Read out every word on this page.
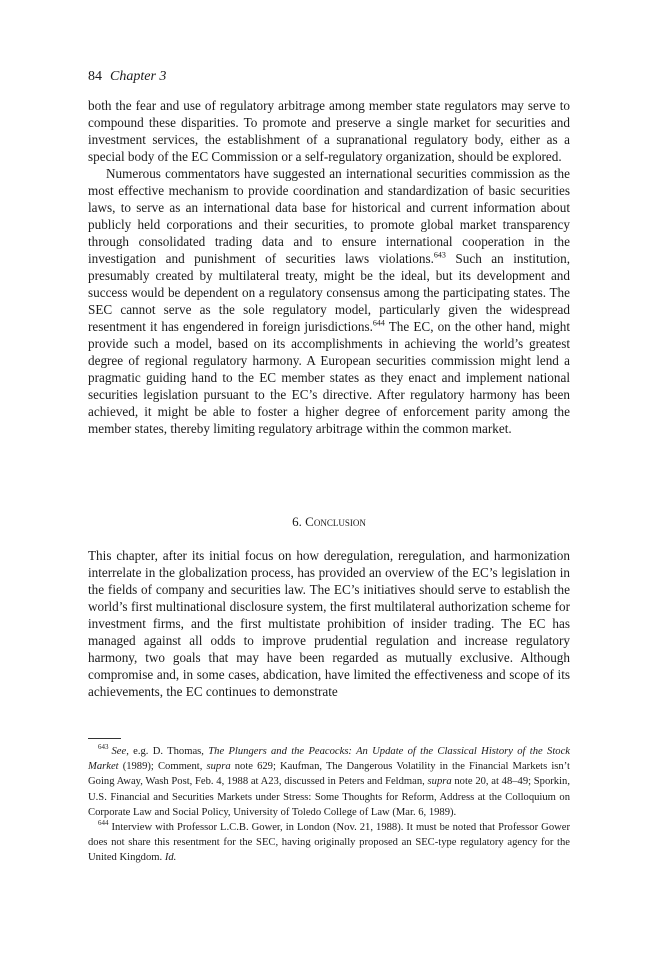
84 Chapter 3

both the fear and use of regulatory arbitrage among member state regulators may serve to compound these disparities. To promote and preserve a single market for securities and investment services, the establishment of a supranational regulatory body, either as a special body of the EC Commission or a self-regulatory organization, should be explored.

Numerous commentators have suggested an international securities commission as the most effective mechanism to provide coordination and standardization of basic securities laws, to serve as an international data base for historical and current information about publicly held corporations and their securities, to promote global market transparency through consolidated trading data and to ensure international cooperation in the investigation and punishment of securities laws violations.$^{643}$ Such an institution, presumably created by multilateral treaty, might be the ideal, but its development and success would be dependent on a regulatory consensus among the participating states. The SEC cannot serve as the sole regulatory model, particularly given the widespread resentment it has engendered in foreign jurisdictions.$^{644}$ The EC, on the other hand, might provide such a model, based on its accomplishments in achieving the world’s greatest degree of regional regulatory harmony. A European securities commission might lend a pragmatic guiding hand to the EC member states as they enact and implement national securities legislation pursuant to the EC’s directive. After regulatory harmony has been achieved, it might be able to foster a higher degree of enforcement parity among the member states, thereby limiting regulatory arbitrage within the common market.

6. Conclusion

This chapter, after its initial focus on how deregulation, reregulation, and harmonization interrelate in the globalization process, has provided an overview of the EC’s legislation in the fields of company and securities law. The EC’s initiatives should serve to establish the world’s first multinational disclosure system, the first multilateral authorization scheme for investment firms, and the first multistate prohibition of insider trading. The EC has managed against all odds to improve prudential regulation and increase regulatory harmony, two goals that may have been regarded as mutually exclusive. Although compromise and, in some cases, abdication, have limited the effectiveness and scope of its achievements, the EC continues to demonstrate

$^{643}$ See, e.g. D. Thomas, The Plungers and the Peacocks: An Update of the Classical History of the Stock Market (1989); Comment, supra note 629; Kaufman, The Dangerous Volatility in the Financial Markets isn’t Going Away, Wash Post, Feb. 4, 1988 at A23, discussed in Peters and Feldman, supra note 20, at 48–49; Sporkin, U.S. Financial and Securities Markets under Stress: Some Thoughts for Reform, Address at the Colloquium on Corporate Law and Social Policy, University of Toledo College of Law (Mar. 6, 1989).

$^{644}$ Interview with Professor L.C.B. Gower, in London (Nov. 21, 1988). It must be noted that Professor Gower does not share this resentment for the SEC, having originally proposed an SEC-type regulatory agency for the United Kingdom. Id.
